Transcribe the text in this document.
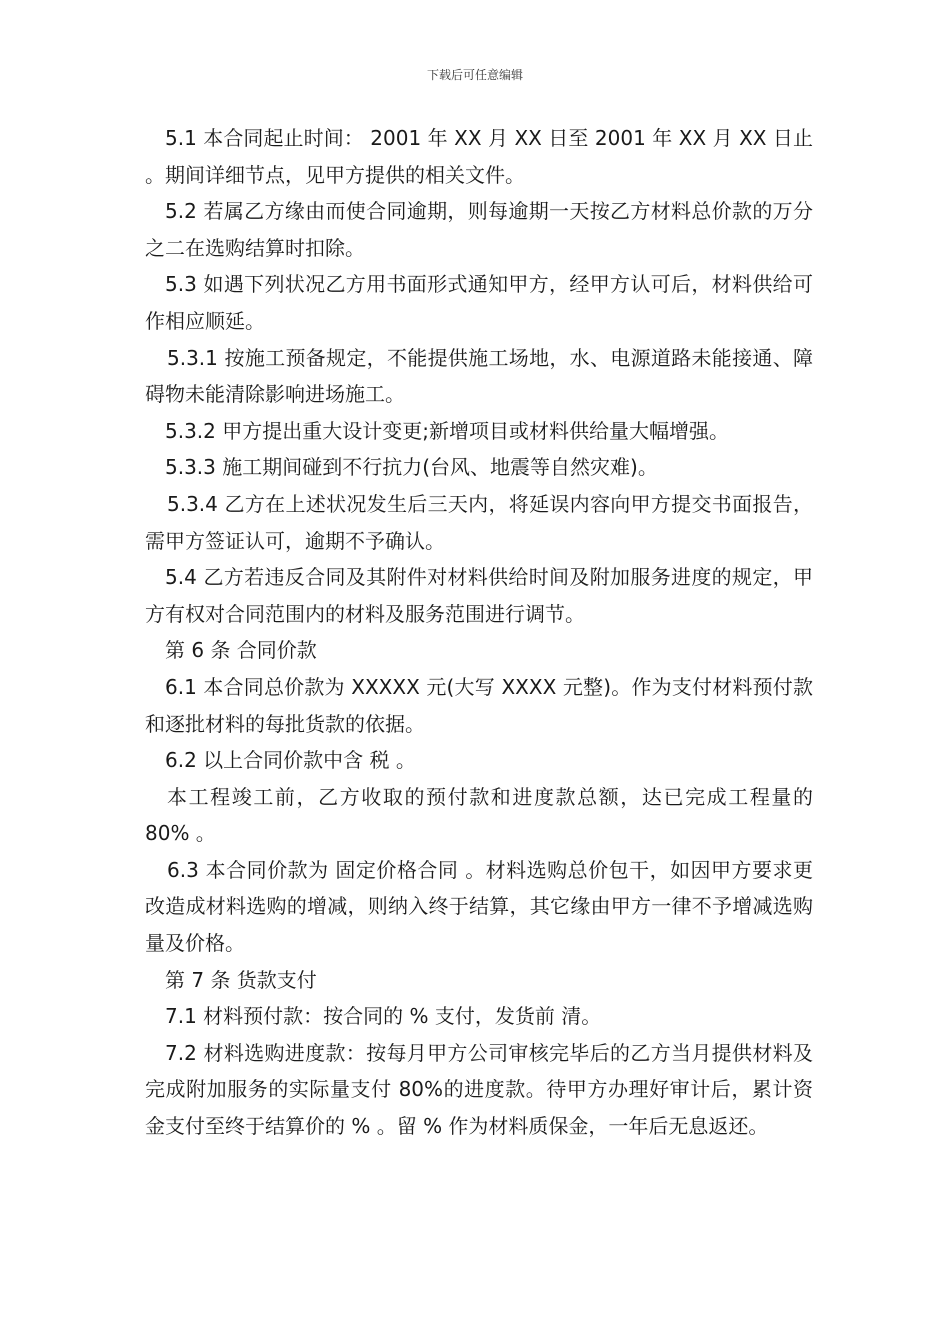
下载后可任意编辑

5.1 本合同起止时间： 2001 年 XX 月 XX 日至 2001 年 XX 月 XX 日止 。期间详细节点，见甲方提供的相关文件。

5.2 若属乙方缘由而使合同逾期，则每逾期一天按乙方材料总价款的万分之二在选购结算时扣除。

5.3 如遇下列状况乙方用书面形式通知甲方，经甲方认可后，材料供给可作相应顺延。

5.3.1 按施工预备规定，不能提供施工场地，水、电源道路未能接通、障碍物未能清除影响进场施工。

5.3.2 甲方提出重大设计变更;新增项目或材料供给量大幅增强。

5.3.3 施工期间碰到不行抗力(台风、地震等自然灾难)。

5.3.4 乙方在上述状况发生后三天内，将延误内容向甲方提交书面报告，需甲方签证认可，逾期不予确认。

5.4 乙方若违反合同及其附件对材料供给时间及附加服务进度的规定，甲方有权对合同范围内的材料及服务范围进行调节。

第 6 条 合同价款

6.1 本合同总价款为 XXXXX 元(大写 XXXX 元整)。作为支付材料预付款和逐批材料的每批货款的依据。

6.2 以上合同价款中含 税 。

本工程竣工前，乙方收取的预付款和进度款总额，达已完成工程量的 80% 。

6.3 本合同价款为 固定价格合同 。材料选购总价包干，如因甲方要求更改造成材料选购的增减，则纳入终于结算，其它缘由甲方一律不予增减选购量及价格。

第 7 条 货款支付

7.1 材料预付款：按合同的 % 支付，发货前 清。

7.2 材料选购进度款：按每月甲方公司审核完毕后的乙方当月提供材料及完成附加服务的实际量支付 80%的进度款。待甲方办理好审计后，累计资金支付至终于结算价的 % 。留 % 作为材料质保金，一年后无息返还。
